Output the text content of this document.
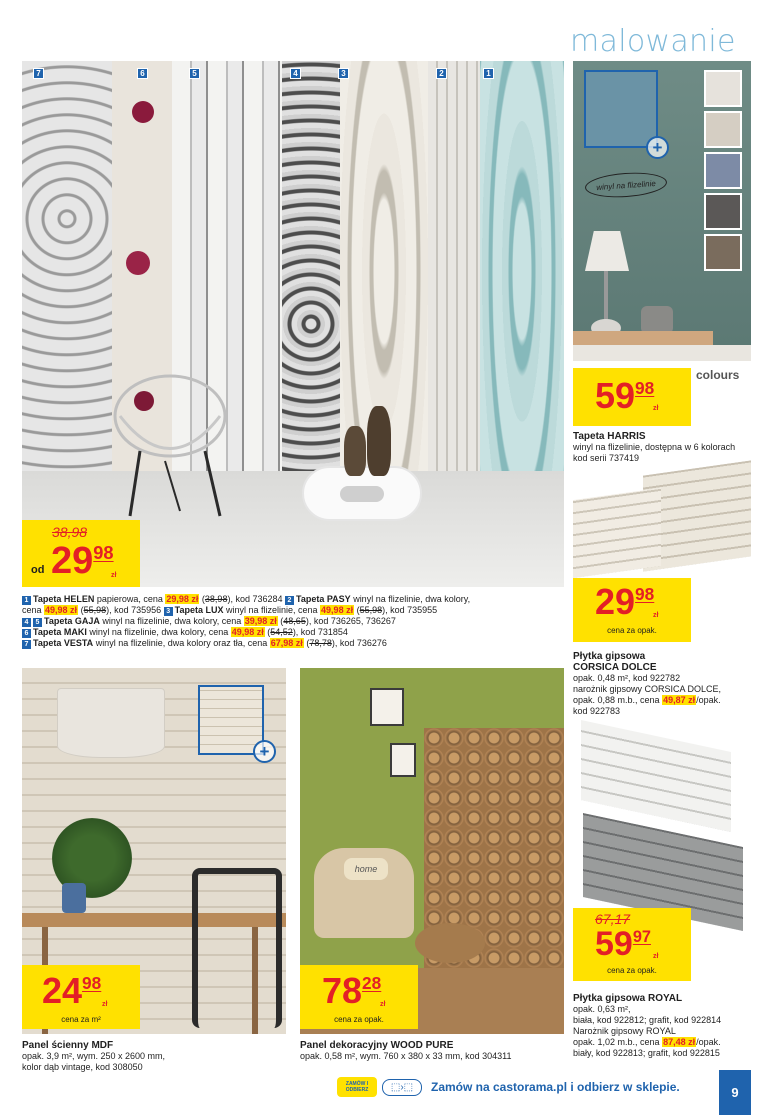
malowanie
7	6	5	4	3	2	1
38,98
od $29^{98}$
zł
1 Tapeta HELEN papierowa, cena 29,98 zł (38,98), kod 736284 2 Tapeta PASY winyl na flizelinie, dwa kolory,
cena 49,98 zł (55,98), kod 735956 3 Tapeta LUX winyl na flizelinie, cena 49,98 zł (55,98), kod 735955
4 5 Tapeta GAJA winyl na flizelinie, dwa kolory, cena 39,98 zł (48,65), kod 736265, 736267
6 Tapeta MAKI winyl na flizelinie, dwa kolory, cena 49,98 zł (54,52), kod 731854
7 Tapeta VESTA winyl na flizelinie, dwa kolory oraz tła, cena 67,98 zł (78,78), kod 736276
+
winyl na flizelinie
$59^{98}$
zł
colours
Tapeta HARRIS
winyl na flizelinie, dostępna w 6 kolorach
kod serii 737419
$29^{98}$
zł
cena za opak.
Płytka gipsowa
CORSICA DOLCE
opak. 0,48 m², kod 922782
narożnik gipsowy CORSICA DOLCE,
opak. 0,88 m.b., cena 49,87 zł/opak.
kod 922783
67,17
$59^{97}$
zł
cena za opak.
Płytka gipsowa ROYAL
opak. 0,63 m²,
biała, kod 922812; grafit, kod 922814
Narożnik gipsowy ROYAL
opak. 1,02 m.b., cena 87,48 zł/opak.
biały, kod 922813; grafit, kod 922815
+
$24^{98}$
zł
cena za m²
Panel ścienny MDF
opak. 3,9 m², wym. 250 x 2600 mm,
kolor dąb vintage, kod 308050
home
$78^{28}$
zł
cena za opak.
Panel dekoracyjny WOOD PURE
opak. 0,58 m², wym. 760 x 380 x 33 mm, kod 304311
ZAMÓW I ODBIERZ	⬚›⬚	Zamów na castorama.pl i odbierz w sklepie.	9
